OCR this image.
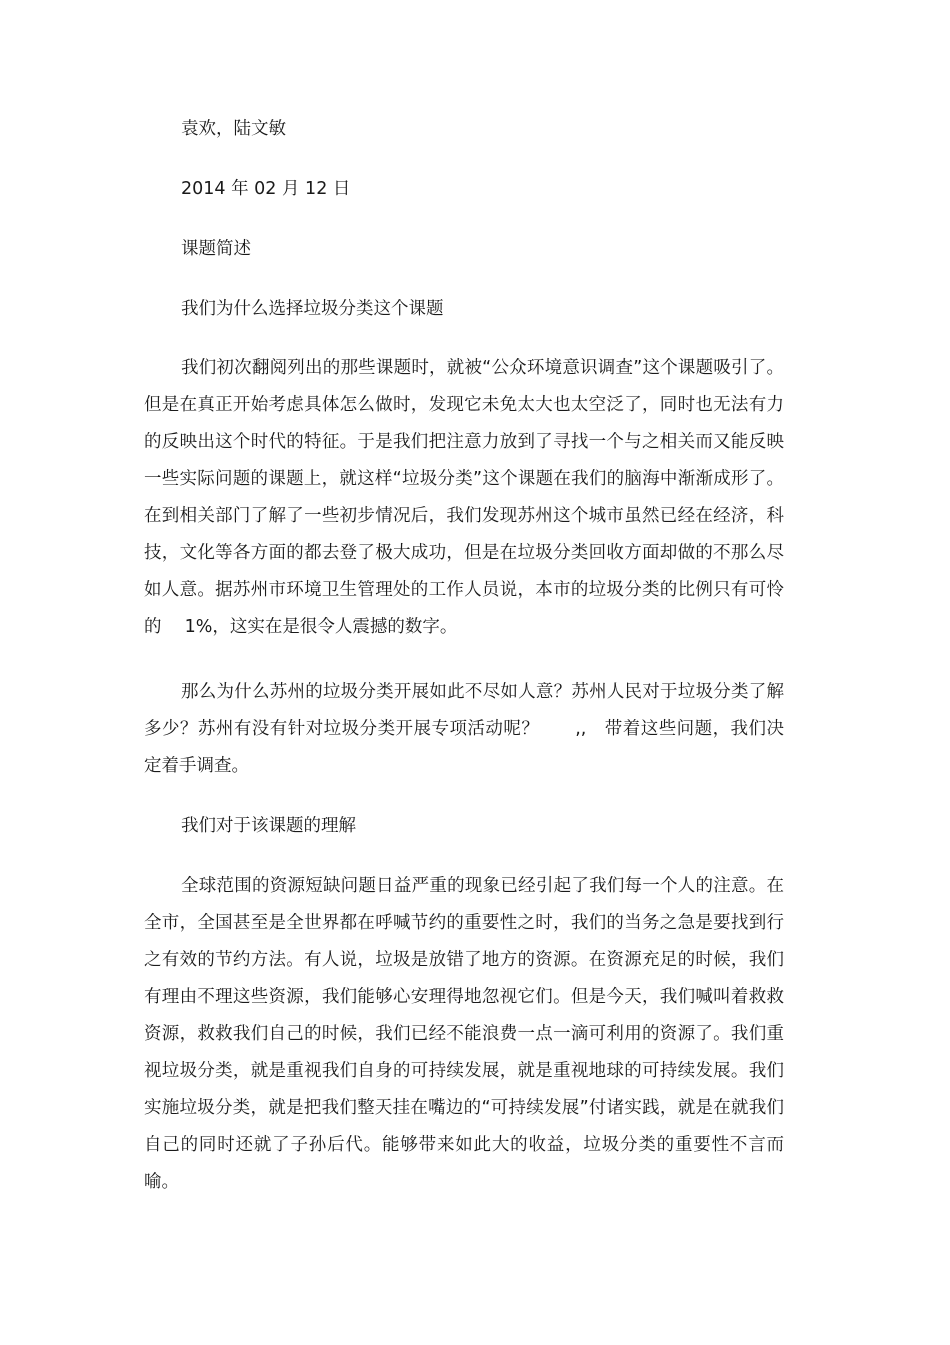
袁欢，陆文敏

2014 年 02 月 12 日

课题简述

我们为什么选择垃圾分类这个课题

我们初次翻阅列出的那些课题时，就被“公众环境意识调查”这个课题吸引了。但是在真正开始考虑具体怎么做时，发现它未免太大也太空泛了，同时也无法有力的反映出这个时代的特征。于是我们把注意力放到了寻找一个与之相关而又能反映一些实际问题的课题上，就这样“垃圾分类”这个课题在我们的脑海中渐渐成形了。在到相关部门了解了一些初步情况后，我们发现苏州这个城市虽然已经在经济，科技，文化等各方面的都去登了极大成功，但是在垃圾分类回收方面却做的不那么尽如人意。据苏州市环境卫生管理处的工作人员说，本市的垃圾分类的比例只有可怜的　 1%，这实在是很令人震撼的数字。

那么为什么苏州的垃圾分类开展如此不尽如人意？苏州人民对于垃圾分类了解多少？苏州有没有针对垃圾分类开展专项活动呢？　　,,　带着这些问题，我们决定着手调查。

我们对于该课题的理解

全球范围的资源短缺问题日益严重的现象已经引起了我们每一个人的注意。在全市，全国甚至是全世界都在呼喊节约的重要性之时，我们的当务之急是要找到行之有效的节约方法。有人说，垃圾是放错了地方的资源。在资源充足的时候，我们有理由不理这些资源，我们能够心安理得地忽视它们。但是今天，我们喊叫着救救资源，救救我们自己的时候，我们已经不能浪费一点一滴可利用的资源了。我们重视垃圾分类，就是重视我们自身的可持续发展，就是重视地球的可持续发展。我们实施垃圾分类，就是把我们整天挂在嘴边的“可持续发展”付诸实践，就是在就我们自己的同时还就了子孙后代。能够带来如此大的收益，垃圾分类的重要性不言而喻。
